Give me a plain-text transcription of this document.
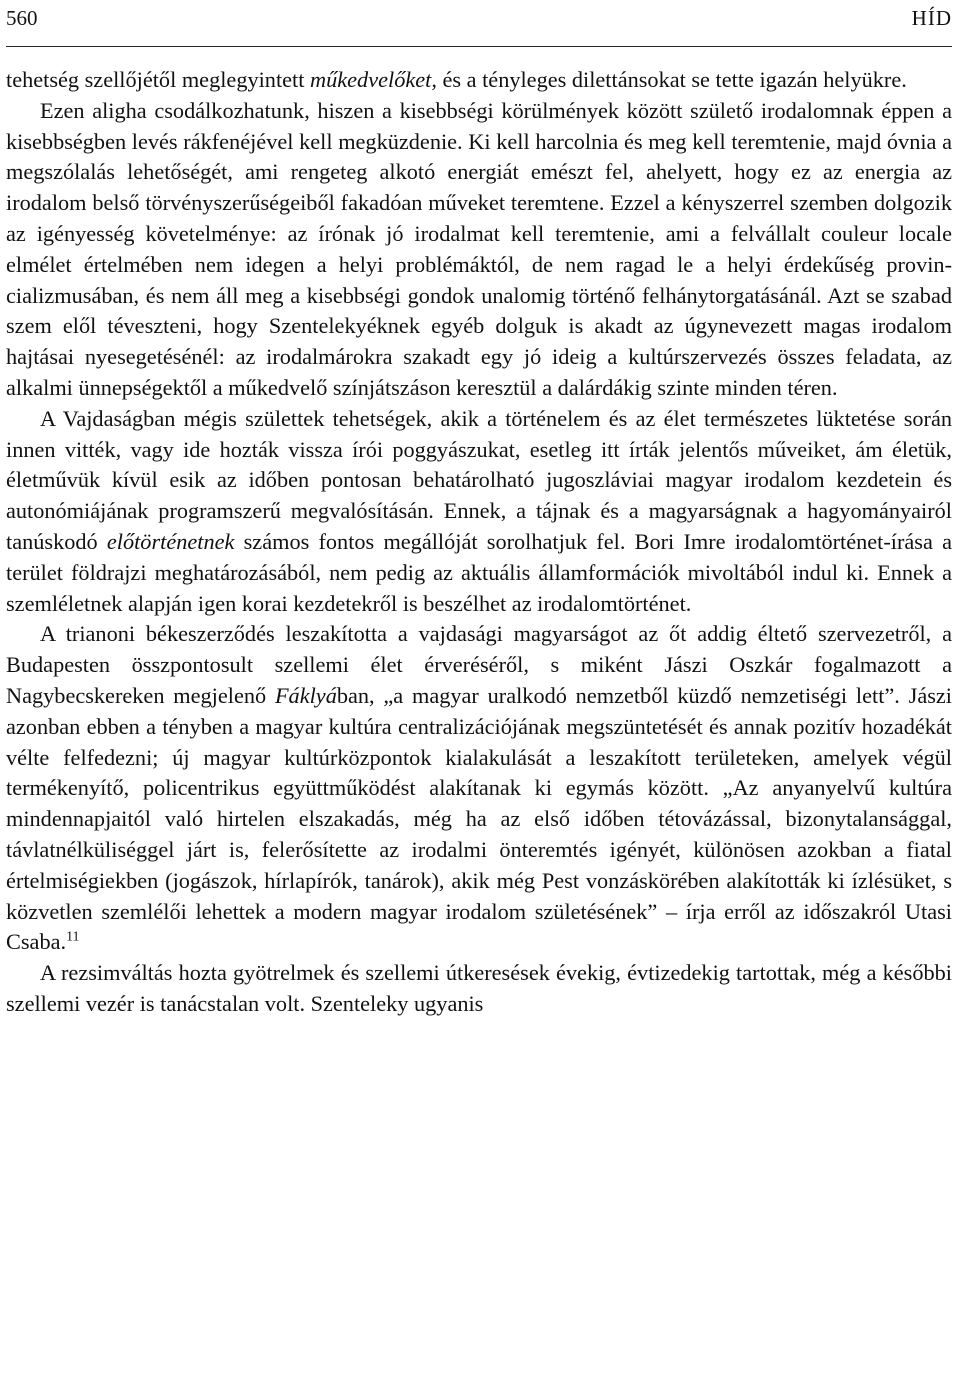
560	HÍD

tehetség szellőjétől meglegyintett műkedvelőket, és a tényleges dilettánsokat se tette igazán helyükre.

Ezen aligha csodálkozhatunk, hiszen a kisebbségi körülmények között születő irodalomnak éppen a kisebbségben levés rákfenéjével kell megküzdenie. Ki kell harcolnia és meg kell teremtenie, majd óvnia a megszólalás lehetőségét, ami rengeteg alkotó energiát emészt fel, ahelyett, hogy ez az energia az irodalom belső törvényszerűségeiből fakadóan műveket teremtene. Ezzel a kényszerrel szemben dolgozik az igényesség követelménye: az írónak jó irodalmat kell teremtenie, ami a felvállalt couleur locale elmélet értelmében nem idegen a helyi problémáktól, de nem ragad le a helyi érdekűség provincializmusában, és nem áll meg a kisebbségi gondok unalomig történő felhánytorgatásánál. Azt se szabad szem elől téveszteni, hogy Szentelekyéknek egyéb dolguk is akadt az úgynevezett magas irodalom hajtásai nyesegetésénél: az irodalmárokra szakadt egy jó ideig a kultúrszervezés összes feladata, az alkalmi ünnepségektől a műkedvelő színjátszáson keresztül a dalárdákig szinte minden téren.

A Vajdaságban mégis születtek tehetségek, akik a történelem és az élet természetes lüktetése során innen vitték, vagy ide hozták vissza írói poggyászukat, esetleg itt írták jelentős műveiket, ám életük, életművük kívül esik az időben pontosan behatárolható jugoszláviai magyar irodalom kezdetein és autonómiájának programszerű megvalósításán. Ennek, a tájnak és a magyarságnak a hagyományairól tanúskodó előtörténetnek számos fontos megállóját sorolhatjuk fel. Bori Imre irodalomtörténet-írása a terület földrajzi meghatározásából, nem pedig az aktuális államformációk mivoltából indul ki. Ennek a szemléletnek alapján igen korai kezdetekről is beszélhet az irodalomtörténet.

A trianoni békeszerződés leszakította a vajdasági magyarságot az őt addig éltető szervezetről, a Budapesten összpontosult szellemi élet érveréséről, s miként Jászi Oszkár fogalmazott a Nagybecskereken megjelenő Fáklyában, „a magyar uralkodó nemzetből küzdő nemzetiségi lett”. Jászi azonban ebben a tényben a magyar kultúra centralizációjának megszüntetését és annak pozitív hozadékát vélte felfedezni; új magyar kultúrközpontok kialakulását a leszakított területeken, amelyek végül termékenyítő, policentrikus együttműködést alakítanak ki egymás között. „Az anyanyelvű kultúra mindennapjaitól való hirtelen elszakadás, még ha az első időben tétovázással, bizonytalansággal, távlatnélküliséggel járt is, felerősítette az irodalmi önteremtés igényét, különösen azokban a fiatal értelmiségiekben (jogászok, hírlapírók, tanárok), akik még Pest vonzáskörében alakították ki ízlésüket, s közvetlen szemlélői lehettek a modern magyar irodalom születésének” – írja erről az időszakról Utasi Csaba.$^{11}$

A rezsimváltás hozta gyötrelmek és szellemi útkeresések évekig, évtizedekig tartottak, még a későbbi szellemi vezér is tanácstalan volt. Szenteleky ugyanis
